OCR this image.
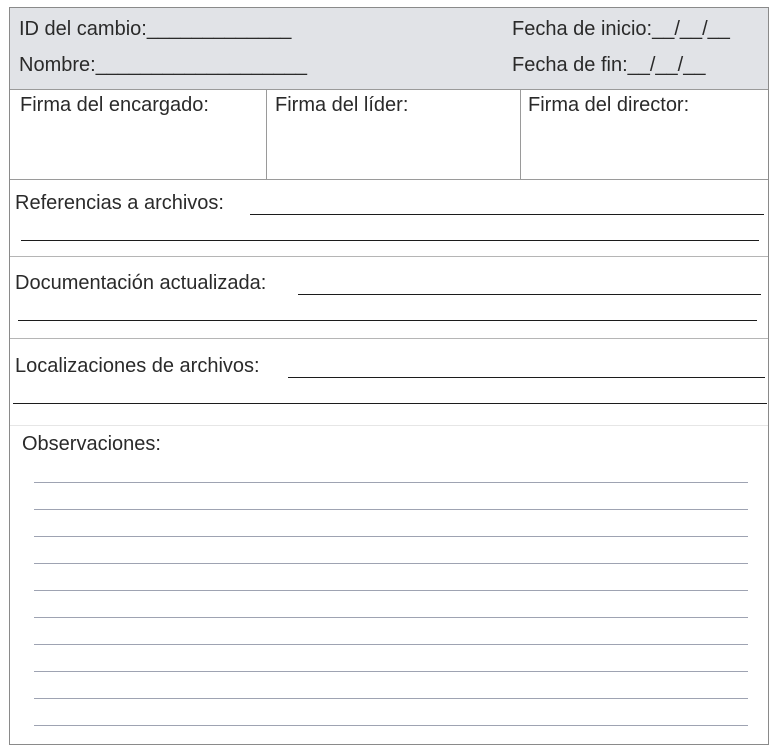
ID del cambio:_____________
Nombre:___________________
Fecha de inicio:__/__/__
Fecha de fin:__/__/__
Firma del encargado:	Firma del líder:	Firma del director:
Referencias a archivos:
Documentación actualizada:
Localizaciones de archivos:
Observaciones:
